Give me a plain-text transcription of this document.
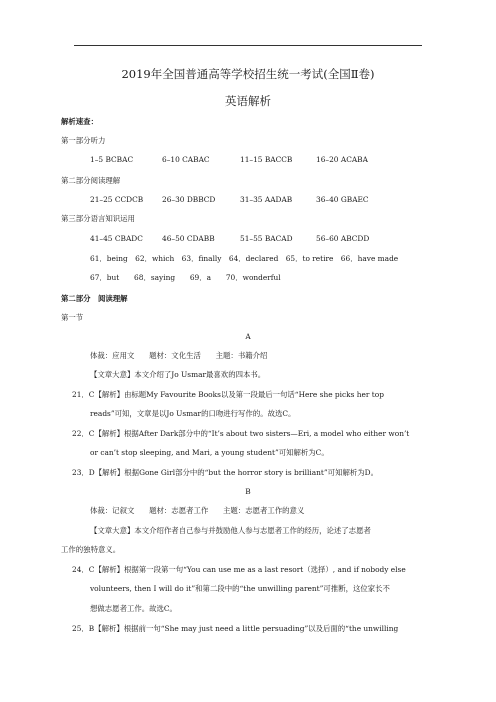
2019年全国普通高等学校招生统一考试(全国Ⅱ卷)
英语解析
解析速查：
第一部分听力
1–5 BCBAC	6–10 CABAC	11–15 BACCB	16–20 ACABA
第二部分阅读理解
21–25 CCDCB	26–30 DBBCD	31–35 AADAB	36–40 GBAEC
第三部分语言知识运用
41–45 CBADC	46–50 CDABB	51–55 BACAD	56–60 ABCDD
61．being　62．which　63．finally　64．declared　65．to retire　66．have made
67．but　　68．saying　　69．a　　70．wonderful
第二部分　阅读理解
第一节
A
体裁：应用文　　题材：文化生活　　主题：书籍介绍
【文章大意】本文介绍了Jo Usmar最喜欢的四本书。
21．C【解析】由标题My Favourite Books以及第一段最后一句话“Here she picks her top
reads”可知，文章是以Jo Usmar的口吻进行写作的。故选C。
22．C【解析】根据After Dark部分中的“It’s about two sisters—Eri, a model who either won’t
or can’t stop sleeping, and Mari, a young student”可知解析为C。
23．D【解析】根据Gone Girl部分中的“but the horror story is brilliant”可知解析为D。
B
体裁：记叙文　　题材：志愿者工作　　主题：志愿者工作的意义
【文章大意】本文介绍作者自己参与并鼓励他人参与志愿者工作的经历，论述了志愿者
工作的独特意义。
24．C【解析】根据第一段第一句“You can use me as a last resort（选择）, and if nobody else
volunteers, then I will do it”和第二段中的“the unwilling parent”可推断，这位家长不
想做志愿者工作。故选C。
25．B【解析】根据前一句“She may just need a little persuading”以及后面的“the unwilling
